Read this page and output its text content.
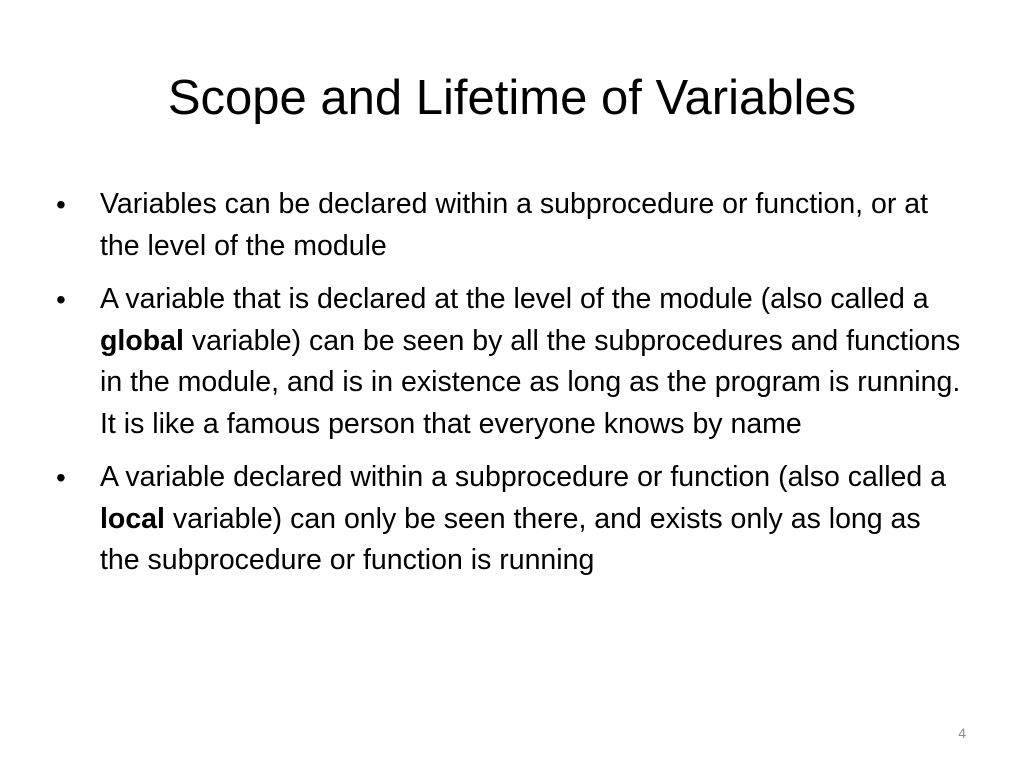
Scope and Lifetime of Variables
•	Variables can be declared within a subprocedure or function, or at the level of the module
•	A variable that is declared at the level of the module (also called a global variable) can be seen by all the subprocedures and functions in the module, and is in existence as long as the program is running. It is like a famous person that everyone knows by name
•	A variable declared within a subprocedure or function (also called a local variable) can only be seen there, and exists only as long as the subprocedure or function is running
4
